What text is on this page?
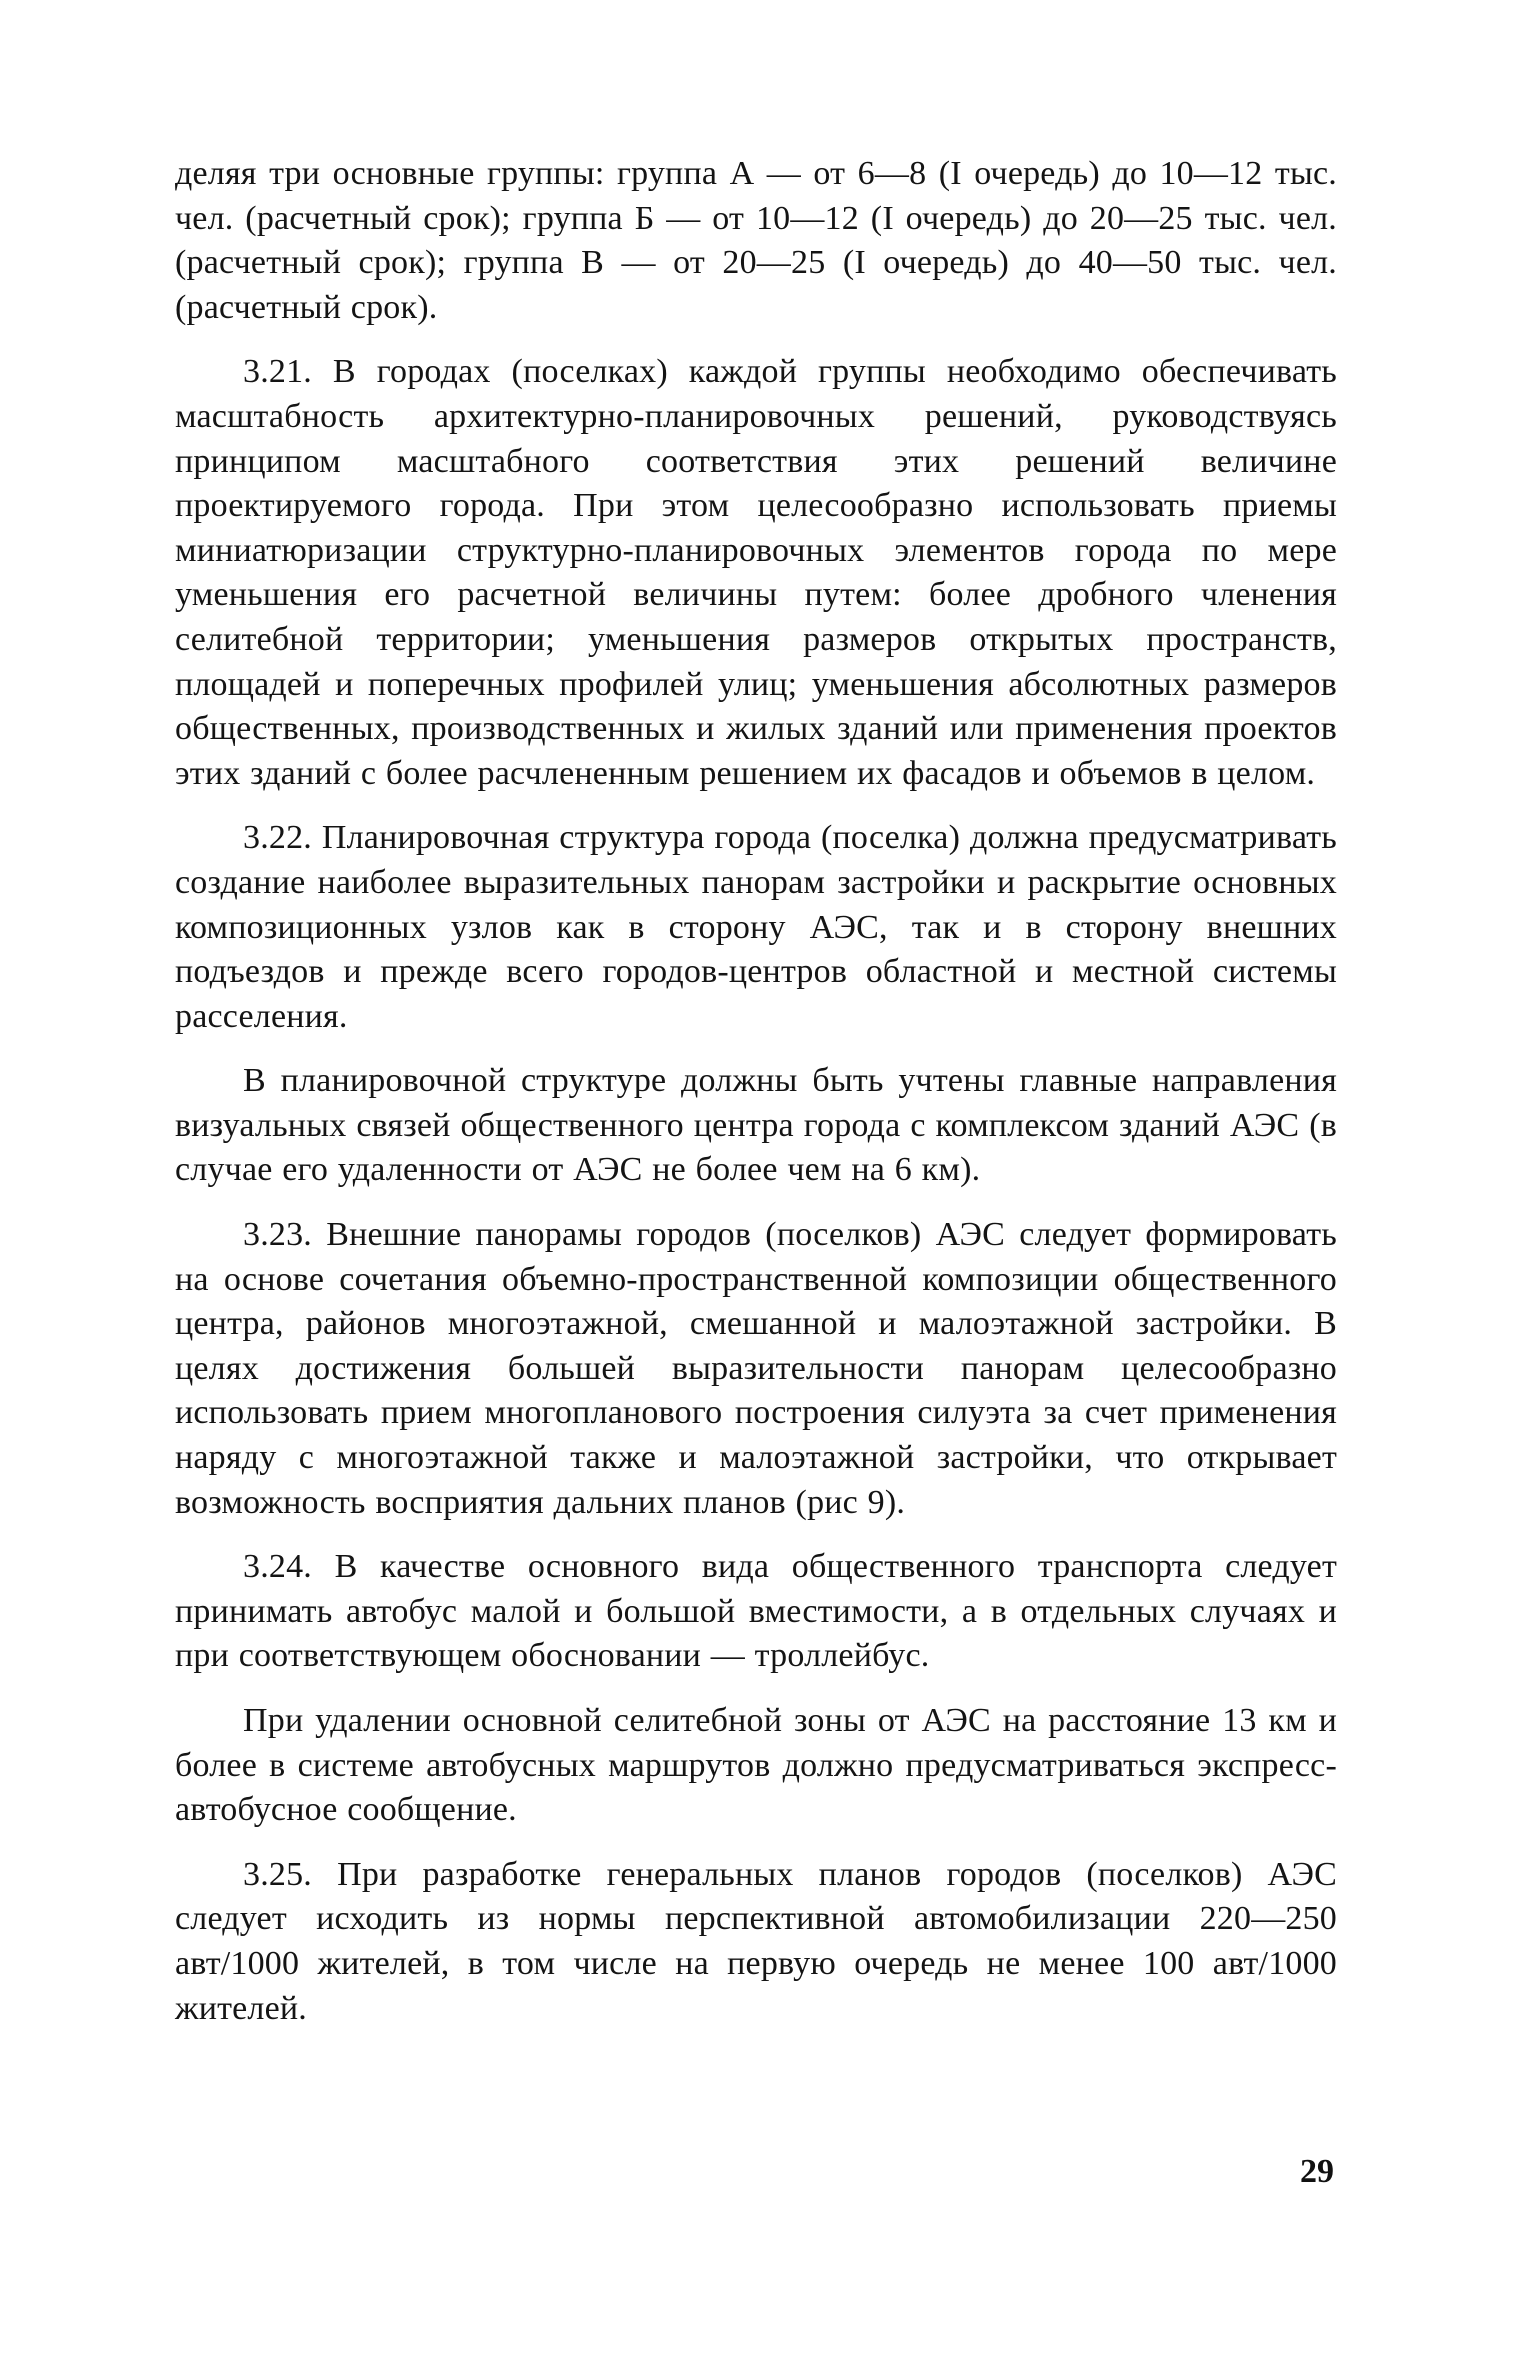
деляя три основные группы: группа А — от 6—8 (I очередь) до 10—12 тыс. чел. (расчетный срок); группа Б — от 10—12 (I очередь) до 20—25 тыс. чел. (расчетный срок); группа В — от 20—25 (I очередь) до 40—50 тыс. чел. (расчетный срок).

3.21. В городах (поселках) каждой группы необходимо обеспечивать масштабность архитектурно-планировочных решений, руководствуясь принципом масштабного соответствия этих решений величине проектируемого города. При этом целесообразно использовать приемы миниатюризации структурно-планировочных элементов города по мере уменьшения его расчетной величины путем: более дробного членения селитебной территории; уменьшения размеров открытых пространств, площадей и поперечных профилей улиц; уменьшения абсолютных размеров общественных, производственных и жилых зданий или применения проектов этих зданий с более расчлененным решением их фасадов и объемов в целом.

3.22. Планировочная структура города (поселка) должна предусматривать создание наиболее выразительных панорам застройки и раскрытие основных композиционных узлов как в сторону АЭС, так и в сторону внешних подъездов и прежде всего городов-центров областной и местной системы расселения.

В планировочной структуре должны быть учтены главные направления визуальных связей общественного центра города с комплексом зданий АЭС (в случае его удаленности от АЭС не более чем на 6 км).

3.23. Внешние панорамы городов (поселков) АЭС следует формировать на основе сочетания объемно-пространственной композиции общественного центра, районов многоэтажной, смешанной и малоэтажной застройки. В целях достижения большей выразительности панорам целесообразно использовать прием многопланового построения силуэта за счет применения наряду с многоэтажной также и малоэтажной застройки, что открывает возможность восприятия дальних планов (рис 9).

3.24. В качестве основного вида общественного транспорта следует принимать автобус малой и большой вместимости, а в отдельных случаях и при соответствующем обосновании — троллейбус.

При удалении основной селитебной зоны от АЭС на расстояние 13 км и более в системе автобусных маршрутов должно предусматриваться экспресс-автобусное сообщение.

3.25. При разработке генеральных планов городов (поселков) АЭС следует исходить из нормы перспективной автомобилизации 220—250 авт/1000 жителей, в том числе на первую очередь не менее 100 авт/1000 жителей.

29
